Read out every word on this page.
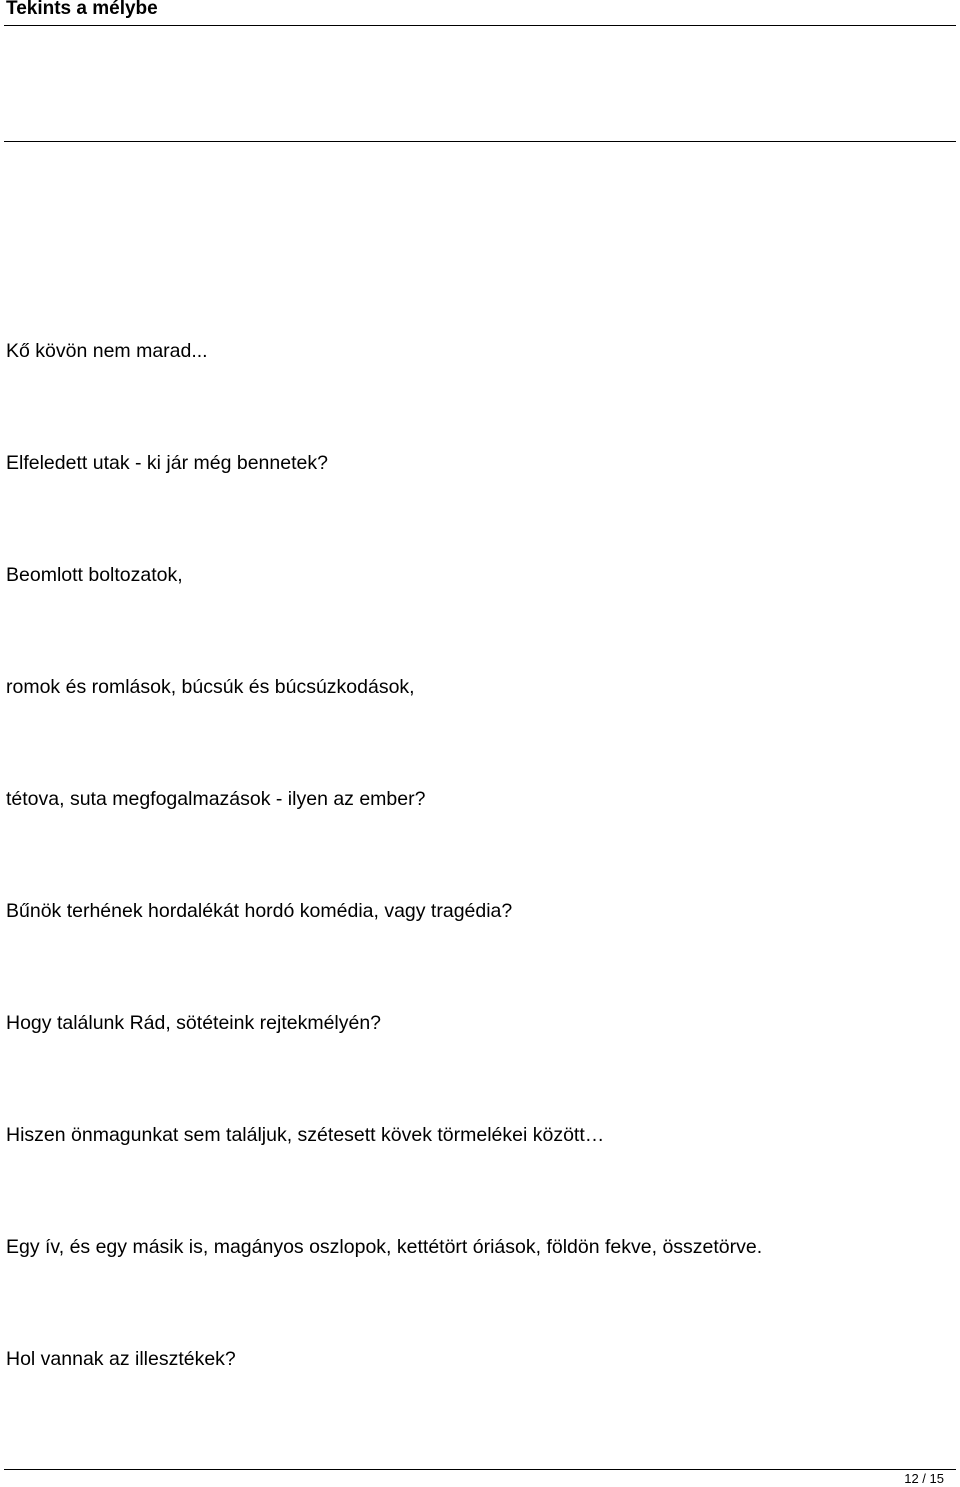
Tekints a mélybe
Kő kövön nem marad...
Elfeledett utak - ki jár még bennetek?
Beomlott boltozatok,
romok és romlások, búcsúk és búcsúzkodások,
tétova, suta megfogalmazások - ilyen az ember?
Bűnök terhének hordalékát hordó komédia, vagy tragédia?
Hogy találunk Rád, sötéteink rejtekmélyén?
Hiszen önmagunkat sem találjuk, szétesett kövek törmelékei között…
Egy ív, és egy másik is, magányos oszlopok, kettétört óriások, földön fekve, összetörve.
Hol vannak az illesztékek?
12 / 15
